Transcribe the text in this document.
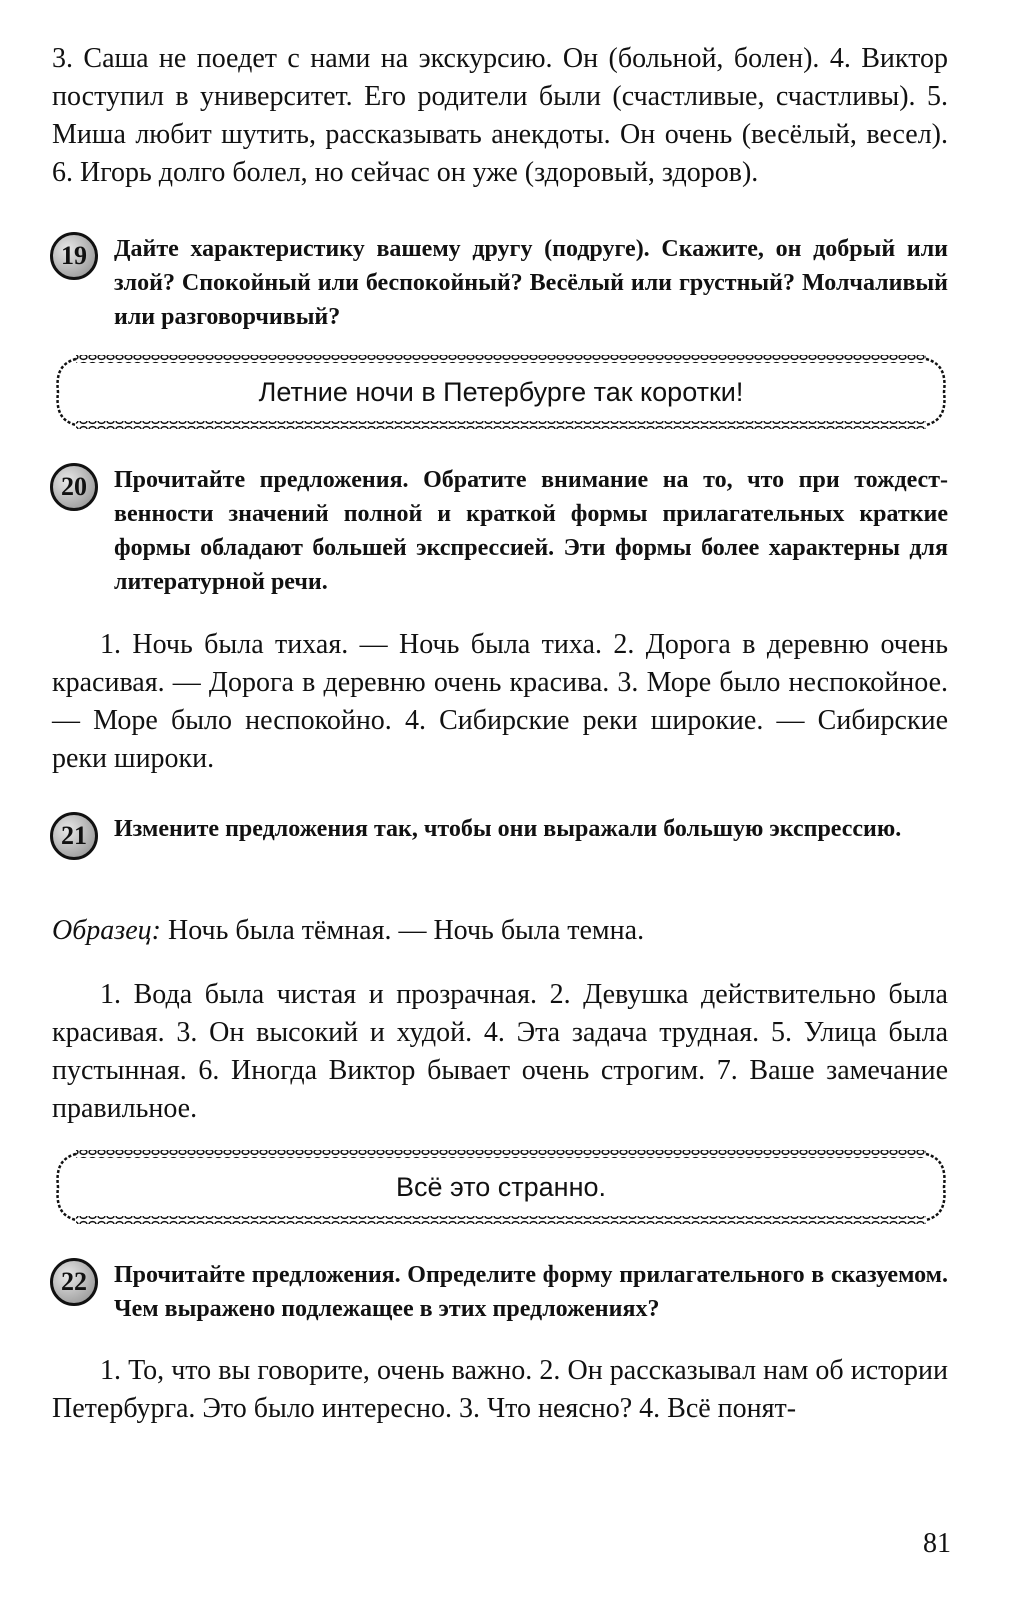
3. Саша не поедет с нами на экскурсию. Он (больной, болен). 4. Виктор поступил в университет. Его родители были (счастливые, счастливы). 5. Миша любит шутить, рассказывать анекдоты. Он очень (весёлый, весел). 6. Игорь долго болел, но сейчас он уже (здоровый, здоров).

19 Дайте характеристику вашему другу (подруге). Скажите, он добрый или злой? Спокойный или беспокойный? Весёлый или грустный? Молчаливый или разговорчивый?
Летние ночи в Петербурге так коротки!
20 Прочитайте предложения. Обратите внимание на то, что при тождественности значений полной и краткой формы прилагательных краткие формы обладают большей экспрессией. Эти формы более характерны для литературной речи.

1. Ночь была тихая. — Ночь была тиха. 2. Дорога в деревню очень красивая. — Дорога в деревню очень красива. 3. Море было неспокойное. — Море было неспокойно. 4. Сибирские реки широкие. — Сибирские реки широки.

21 Измените предложения так, чтобы они выражали большую экспрессию.

Образец: Ночь была тёмная. — Ночь была темна.

1. Вода была чистая и прозрачная. 2. Девушка действительно была красивая. 3. Он высокий и худой. 4. Эта задача трудная. 5. Улица была пустынная. 6. Иногда Виктор бывает очень строгим. 7. Ваше замечание правильное.

Всё это странно.
22 Прочитайте предложения. Определите форму прилагательного в сказуемом. Чем выражено подлежащее в этих предложениях?

1. То, что вы говорите, очень важно. 2. Он рассказывал нам об истории Петербурга. Это было интересно. 3. Что неясно? 4. Всё понят-

81
